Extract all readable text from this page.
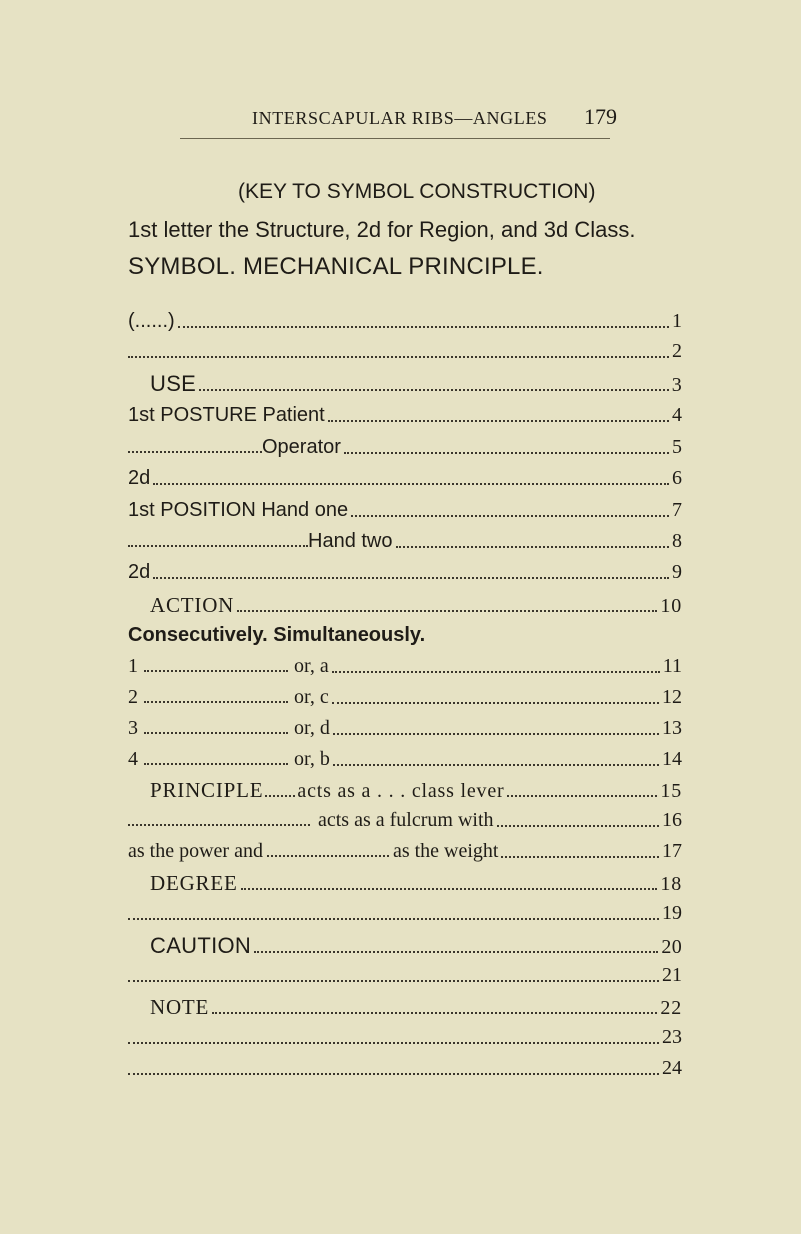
INTERSCAPULAR RIBS—ANGLES 179
(KEY TO SYMBOL CONSTRUCTION)
1st letter the Structure, 2d for Region, and 3d Class.
SYMBOL. MECHANICAL PRINCIPLE.
(......)	1
2
USE	3
1st POSTURE Patient	4
Operator	5
2d	6
1st POSITION Hand one	7
Hand two	8
2d	9
ACTION	10
Consecutively. Simultaneously.
1	or, a	11
2	or, c	12
3	or, d	13
4	or, b	14
PRINCIPLE acts as a . . . class lever	15
acts as a fulcrum with	16
as the power and	as the weight	17
DEGREE	18
19
CAUTION	20
21
NOTE	22
23
24
